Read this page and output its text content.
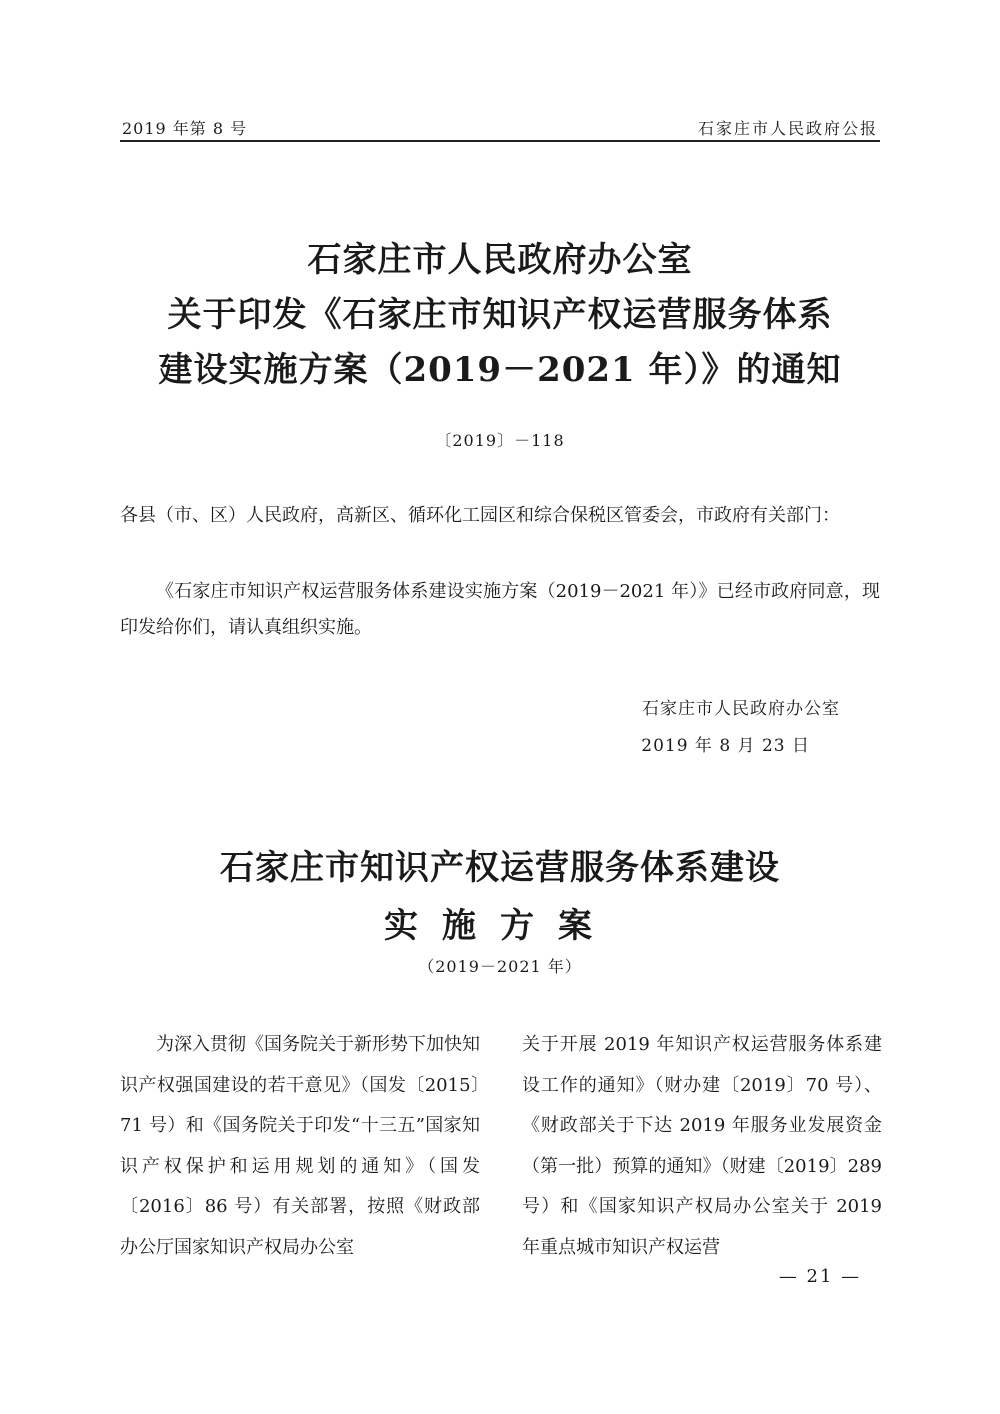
2019 年第 8 号	石家庄市人民政府公报
石家庄市人民政府办公室
关于印发《石家庄市知识产权运营服务体系
建设实施方案（2019－2021 年）》的通知
〔2019〕－118
各县（市、区）人民政府，高新区、循环化工园区和综合保税区管委会，市政府有关部门：
《石家庄市知识产权运营服务体系建设实施方案（2019－2021 年）》已经市政府同意，现印发给你们，请认真组织实施。
石家庄市人民政府办公室
2019 年 8 月 23 日
石家庄市知识产权运营服务体系建设
实施方案
（2019－2021 年）
为深入贯彻《国务院关于新形势下加快知识产权强国建设的若干意见》（国发〔2015〕71 号）和《国务院关于印发“十三五”国家知识产权保护和运用规划的通知》（国发〔2016〕86 号）有关部署，按照《财政部办公厅国家知识产权局办公室
关于开展 2019 年知识产权运营服务体系建设工作的通知》（财办建〔2019〕70 号）、《财政部关于下达 2019 年服务业发展资金（第一批）预算的通知》（财建〔2019〕289 号）和《国家知识产权局办公室关于 2019 年重点城市知识产权运营
— 21 —
